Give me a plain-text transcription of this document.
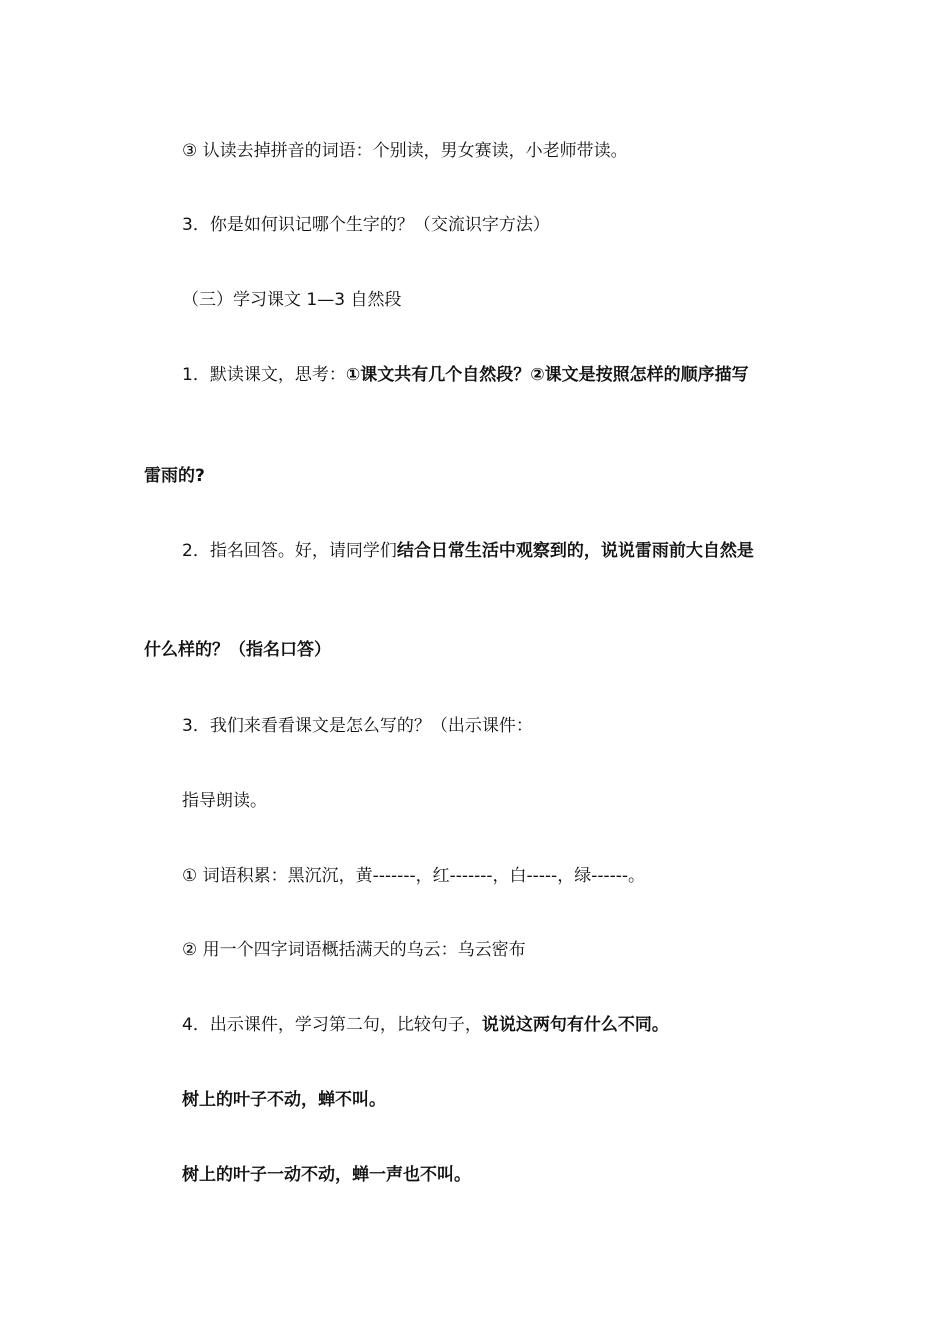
③ 认读去掉拼音的词语：个别读，男女赛读，小老师带读。
3．你是如何识记哪个生字的？（交流识字方法）
（三）学习课文 1—3 自然段
1．默读课文，思考：①课文共有几个自然段？②课文是按照怎样的顺序描写
雷雨的?
2．指名回答。好，请同学们结合日常生活中观察到的，说说雷雨前大自然是
什么样的？（指名口答）
3．我们来看看课文是怎么写的？（出示课件：
指导朗读。
① 词语积累：黑沉沉，黄-------，红-------，白-----，绿------。
② 用一个四字词语概括满天的乌云：乌云密布
4．出示课件，学习第二句，比较句子，说说这两句有什么不同。
树上的叶子不动，蝉不叫。
树上的叶子一动不动，蝉一声也不叫。
